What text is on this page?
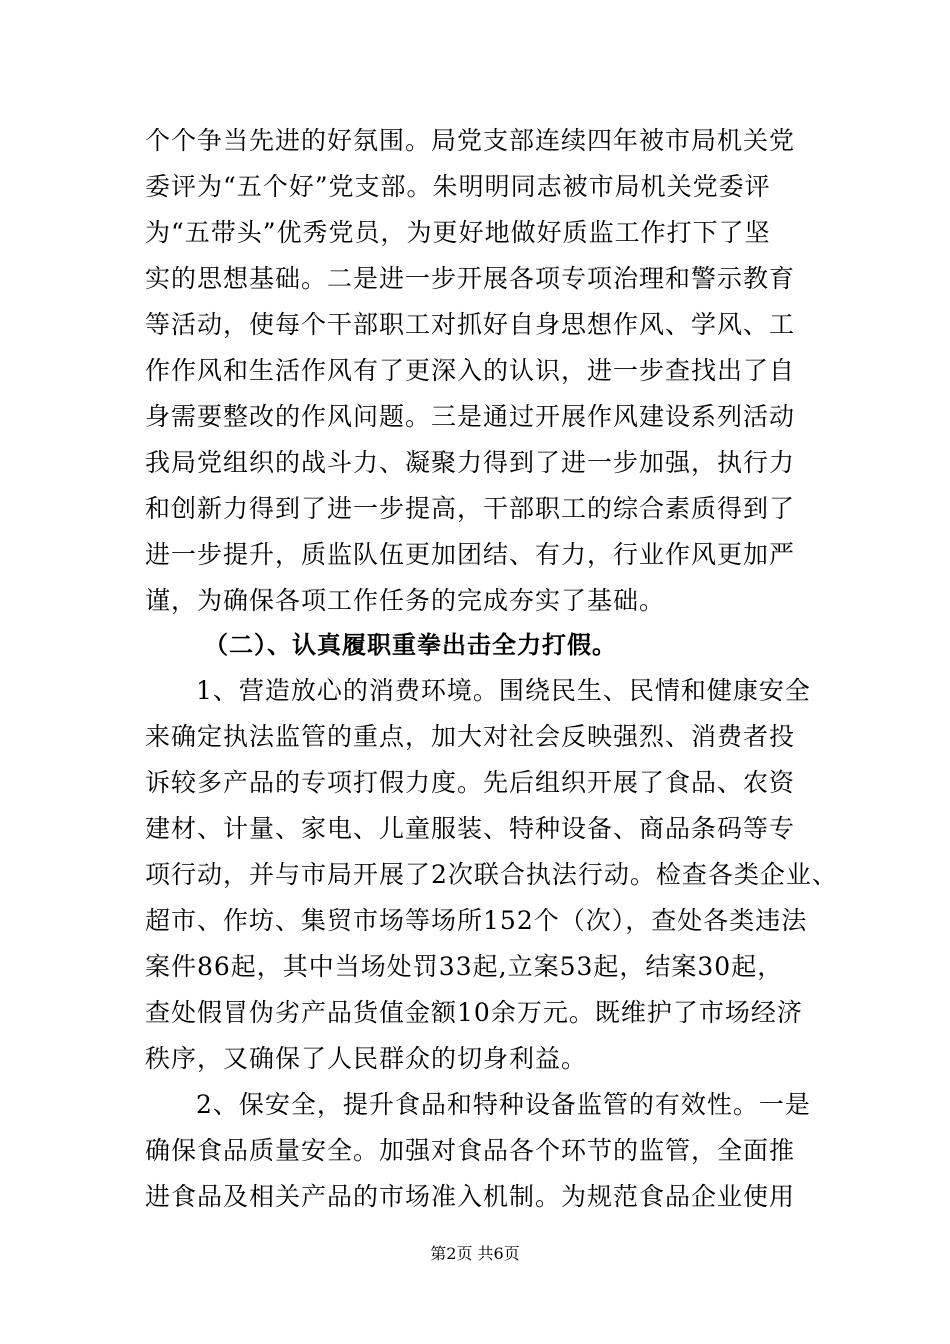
个个争当先进的好氛围。局党支部连续四年被市局机关党
委评为“五个好”党支部。朱明明同志被市局机关党委评
为“五带头”优秀党员，为更好地做好质监工作打下了坚
实的思想基础。二是进一步开展各项专项治理和警示教育
等活动，使每个干部职工对抓好自身思想作风、学风、工
作作风和生活作风有了更深入的认识，进一步查找出了自
身需要整改的作风问题。三是通过开展作风建设系列活动
我局党组织的战斗力、凝聚力得到了进一步加强，执行力
和创新力得到了进一步提高，干部职工的综合素质得到了
进一步提升，质监队伍更加团结、有力，行业作风更加严
谨，为确保各项工作任务的完成夯实了基础。
（二）、认真履职重拳出击全力打假。
1、营造放心的消费环境。围绕民生、民情和健康安全
来确定执法监管的重点，加大对社会反映强烈、消费者投
诉较多产品的专项打假力度。先后组织开展了食品、农资
建材、计量、家电、儿童服装、特种设备、商品条码等专
项行动，并与市局开展了2次联合执法行动。检查各类企业、
超市、作坊、集贸市场等场所152个（次），查处各类违法
案件86起，其中当场处罚33起,立案53起，结案30起，
查处假冒伪劣产品货值金额10余万元。既维护了市场经济
秩序，又确保了人民群众的切身利益。
2、保安全，提升食品和特种设备监管的有效性。一是
确保食品质量安全。加强对食品各个环节的监管，全面推
进食品及相关产品的市场准入机制。为规范食品企业使用
第2页 共6页
